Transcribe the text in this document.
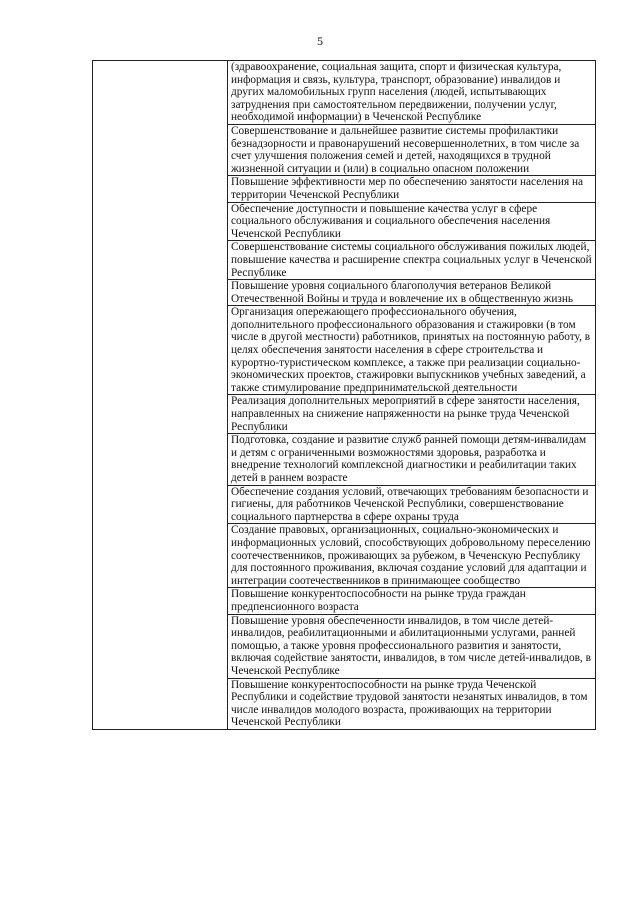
5

(здравоохранение, социальная защита, спорт и физическая культура, информация и связь, культура, транспорт, образование) инвалидов и других маломобильных групп населения (людей, испытывающих затруднения при самостоятельном передвижении, получении услуг, необходимой информации) в Чеченской Республике

Совершенствование и дальнейшее развитие системы профилактики безнадзорности и правонарушений несовершеннолетних, в том числе за счет улучшения положения семей и детей, находящихся в трудной жизненной ситуации и (или) в социально опасном положении

Повышение эффективности мер по обеспечению занятости населения на территории Чеченской Республики

Обеспечение доступности и повышение качества услуг в сфере социального обслуживания и социального обеспечения населения Чеченской Республики

Совершенствование системы социального обслуживания пожилых людей, повышение качества и расширение спектра социальных услуг в Чеченской Республике

Повышение уровня социального благополучия ветеранов Великой Отечественной Войны и труда и вовлечение их в общественную жизнь

Организация опережающего профессионального обучения, дополнительного профессионального образования и стажировки (в том числе в другой местности) работников, принятых на постоянную работу, в целях обеспечения занятости населения в сфере строительства и курортно-туристическом комплексе, а также при реализации социально-экономических проектов, стажировки выпускников учебных заведений, а также стимулирование предпринимательской деятельности

Реализация дополнительных мероприятий в сфере занятости населения, направленных на снижение напряженности на рынке труда Чеченской Республики

Подготовка, создание и развитие служб ранней помощи детям-инвалидам и детям с ограниченными возможностями здоровья, разработка и внедрение технологий комплексной диагностики и реабилитации таких детей в раннем возрасте

Обеспечение создания условий, отвечающих требованиям безопасности и гигиены, для работников Чеченской Республики, совершенствование социального партнерства в сфере охраны труда

Создание правовых, организационных, социально-экономических и информационных условий, способствующих добровольному переселению соотечественников, проживающих за рубежом, в Чеченскую Республику для постоянного проживания, включая создание условий для адаптации и интеграции соотечественников в принимающее сообщество

Повышение конкурентоспособности на рынке труда граждан предпенсионного возраста

Повышение уровня обеспеченности инвалидов, в том числе детей-инвалидов, реабилитационными и абилитационными услугами, ранней помощью, а также уровня профессионального развития и занятости, включая содействие занятости, инвалидов, в том числе детей-инвалидов, в Чеченской Республике

Повышение конкурентоспособности на рынке труда Чеченской Республики и содействие трудовой занятости незанятых инвалидов, в том числе инвалидов молодого возраста, проживающих на территории Чеченской Республики
